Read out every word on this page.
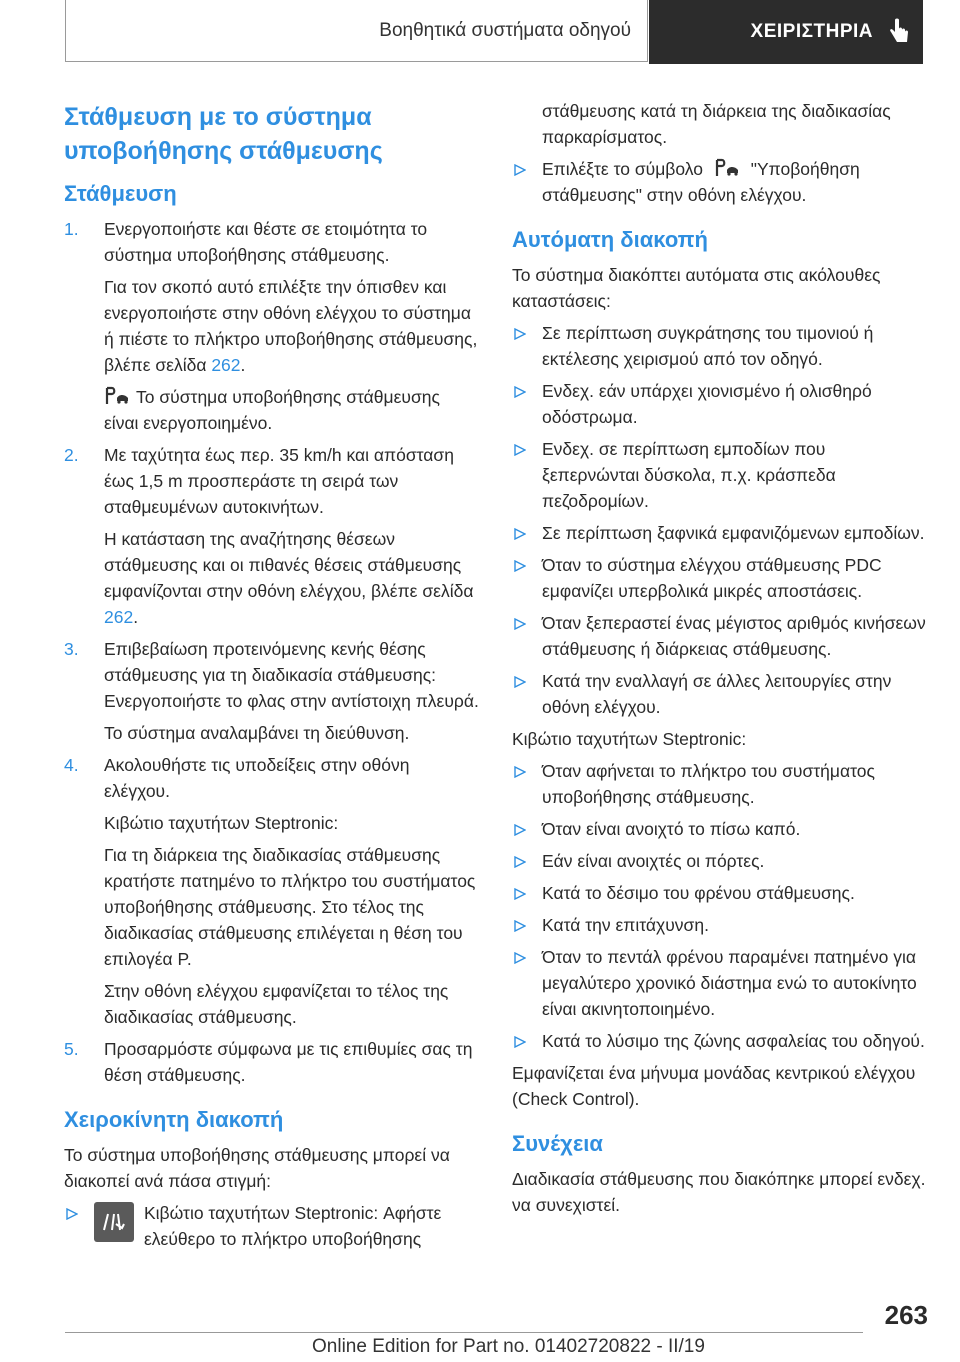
Βοηθητικά συστήματα οδηγού	ΧΕΙΡΙΣΤΗΡΙΑ
Στάθμευση με το σύστημα υποβοήθησης στάθμευσης
Στάθμευση
1. Ενεργοποιήστε και θέστε σε ετοιμότητα το σύστημα υποβοήθησης στάθμευσης.
Για τον σκοπό αυτό επιλέξτε την όπισθεν και ενεργοποιήστε στην οθόνη ελέγχου το σύστημα ή πιέστε το πλήκτρο υποβοήθησης στάθμευσης, βλέπε σελίδα 262.
Το σύστημα υποβοήθησης στάθμευσης είναι ενεργοποιημένο.
2. Με ταχύτητα έως περ. 35 km/h και απόσταση έως 1,5 m προσπεράστε τη σειρά των σταθμευμένων αυτοκινήτων.
Η κατάσταση της αναζήτησης θέσεων στάθμευσης και οι πιθανές θέσεις στάθμευσης εμφανίζονται στην οθόνη ελέγχου, βλέπε σελίδα 262.
3. Επιβεβαίωση προτεινόμενης κενής θέσης στάθμευσης για τη διαδικασία στάθμευσης: Ενεργοποιήστε το φλας στην αντίστοιχη πλευρά.
Το σύστημα αναλαμβάνει τη διεύθυνση.
4. Ακολουθήστε τις υποδείξεις στην οθόνη ελέγχου.
Κιβώτιο ταχυτήτων Steptronic:
Για τη διάρκεια της διαδικασίας στάθμευσης κρατήστε πατημένο το πλήκτρο του συστήματος υποβοήθησης στάθμευσης. Στο τέλος της διαδικασίας στάθμευσης επιλέγεται η θέση του επιλογέα P.
Στην οθόνη ελέγχου εμφανίζεται το τέλος της διαδικασίας στάθμευσης.
5. Προσαρμόστε σύμφωνα με τις επιθυμίες σας τη θέση στάθμευσης.
Χειροκίνητη διακοπή

Το σύστημα υποβοήθησης στάθμευσης μπορεί να διακοπεί ανά πάσα στιγμή:

Κιβώτιο ταχυτήτων Steptronic: Αφήστε ελεύθερο το πλήκτρο υποβοήθησης
στάθμευσης κατά τη διάρκεια της διαδικασίας παρκαρίσματος.
Επιλέξτε το σύμβολο	"Υποβοήθηση στάθμευσης" στην οθόνη ελέγχου.
Αυτόματη διακοπή

Το σύστημα διακόπτει αυτόματα στις ακόλουθες καταστάσεις:

Σε περίπτωση συγκράτησης του τιμονιού ή εκτέλεσης χειρισμού από τον οδηγό.
Ενδεχ. εάν υπάρχει χιονισμένο ή ολισθηρό οδόστρωμα.
Ενδεχ. σε περίπτωση εμποδίων που ξεπερνώνται δύσκολα, π.χ. κράσπεδα πεζοδρομίων.
Σε περίπτωση ξαφνικά εμφανιζόμενων εμποδίων.
Όταν το σύστημα ελέγχου στάθμευσης PDC εμφανίζει υπερβολικά μικρές αποστάσεις.
Όταν ξεπεραστεί ένας μέγιστος αριθμός κινήσεων στάθμευσης ή διάρκειας στάθμευσης.
Κατά την εναλλαγή σε άλλες λειτουργίες στην οθόνη ελέγχου.

Κιβώτιο ταχυτήτων Steptronic:

Όταν αφήνεται το πλήκτρο του συστήματος υποβοήθησης στάθμευσης.
Όταν είναι ανοιχτό το πίσω καπό.
Εάν είναι ανοιχτές οι πόρτες.
Κατά το δέσιμο του φρένου στάθμευσης.
Κατά την επιτάχυνση.
Όταν το πεντάλ φρένου παραμένει πατημένο για μεγαλύτερο χρονικό διάστημα ενώ το αυτοκίνητο είναι ακινητοποιημένο.
Κατά το λύσιμο της ζώνης ασφαλείας του οδηγού.

Εμφανίζεται ένα μήνυμα μονάδας κεντρικού ελέγχου (Check Control).

Συνέχεια

Διαδικασία στάθμευσης που διακόπηκε μπορεί ενδεχ. να συνεχιστεί.

263
Online Edition for Part no. 01402720822 - II/19
